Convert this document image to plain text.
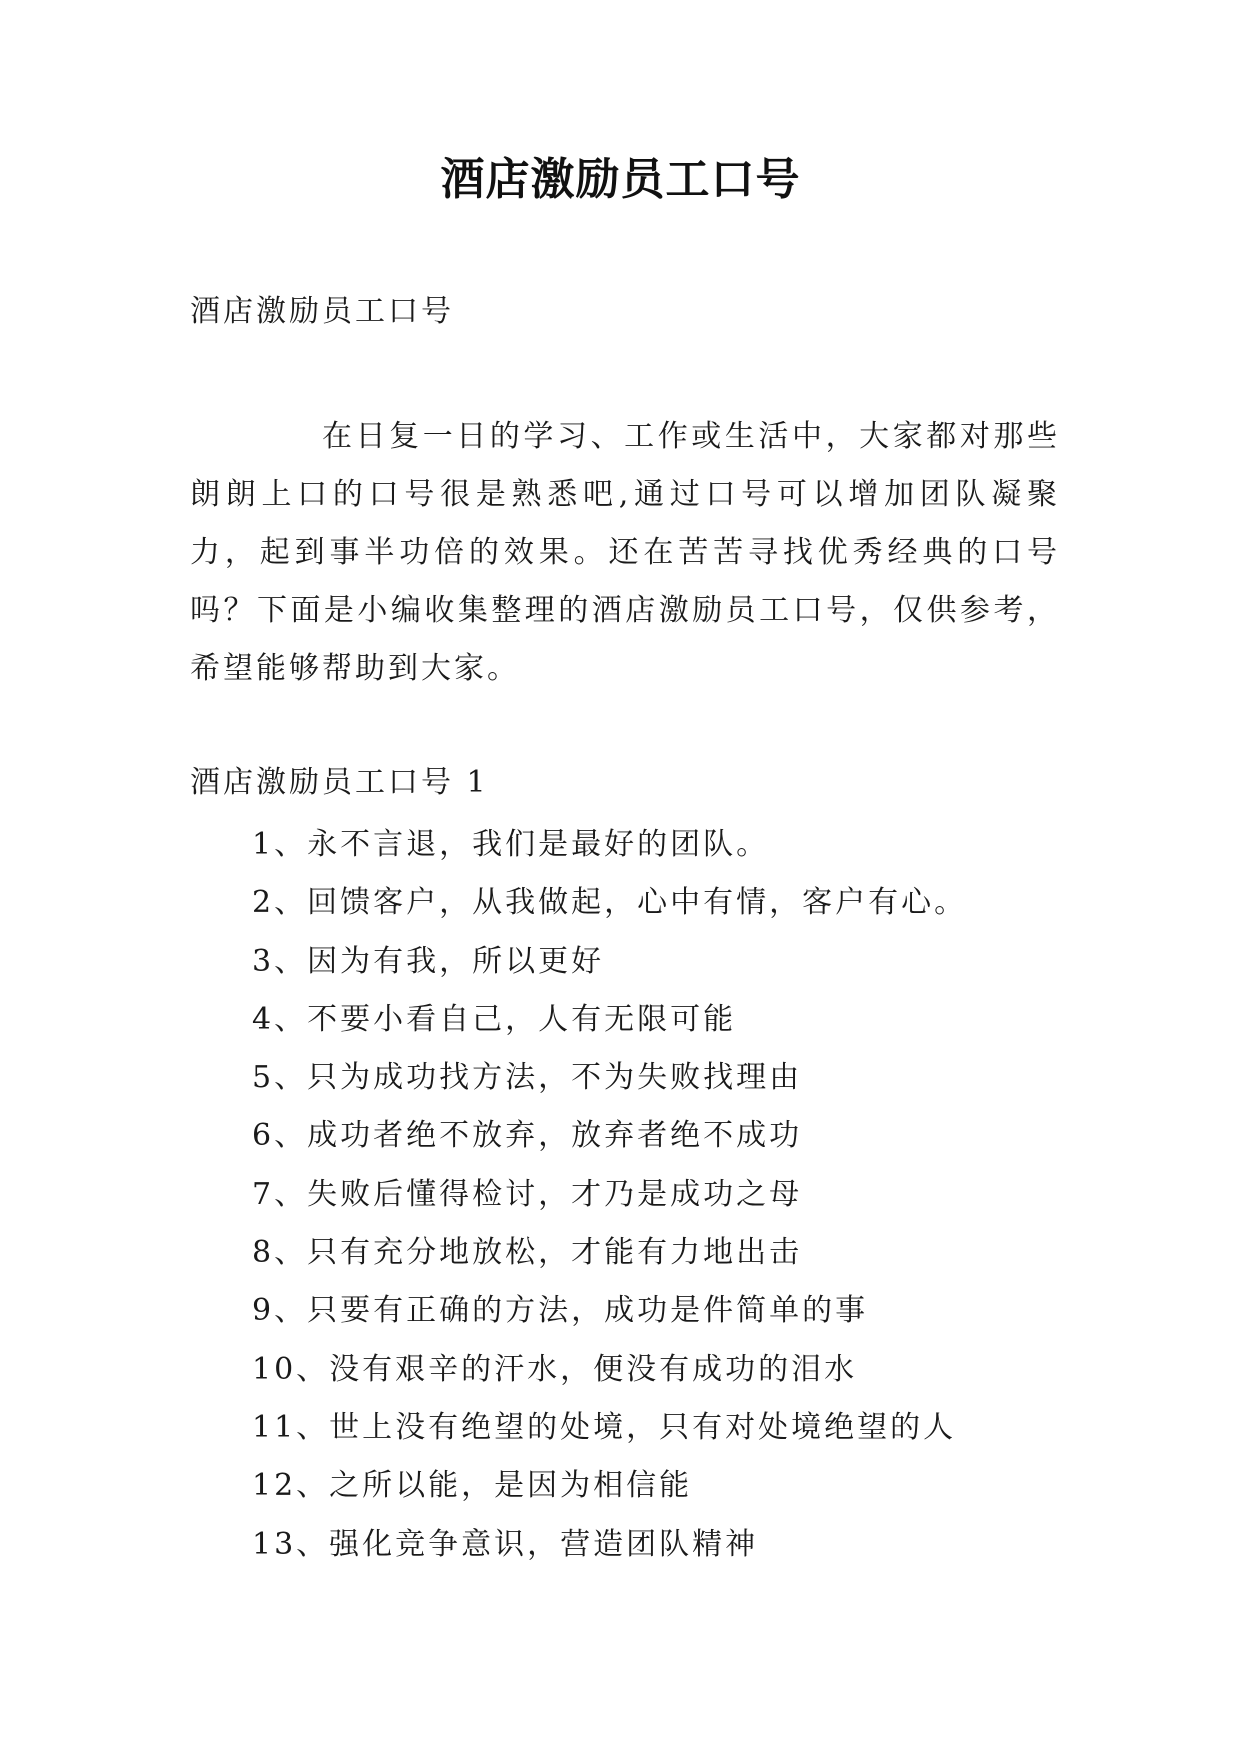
酒店激励员工口号
酒店激励员工口号

在日复一日的学习、工作或生活中，大家都对那些朗朗上口的口号很是熟悉吧,通过口号可以增加团队凝聚力，起到事半功倍的效果。还在苦苦寻找优秀经典的口号吗？下面是小编收集整理的酒店激励员工口号，仅供参考，希望能够帮助到大家。

酒店激励员工口号 1
1、永不言退，我们是最好的团队。
2、回馈客户，从我做起，心中有情，客户有心。
3、因为有我，所以更好
4、不要小看自己，人有无限可能
5、只为成功找方法，不为失败找理由
6、成功者绝不放弃，放弃者绝不成功
7、失败后懂得检讨，才乃是成功之母
8、只有充分地放松，才能有力地出击
9、只要有正确的方法，成功是件简单的事
10、没有艰辛的汗水，便没有成功的泪水
11、世上没有绝望的处境，只有对处境绝望的人
12、之所以能，是因为相信能
13、强化竞争意识，营造团队精神
